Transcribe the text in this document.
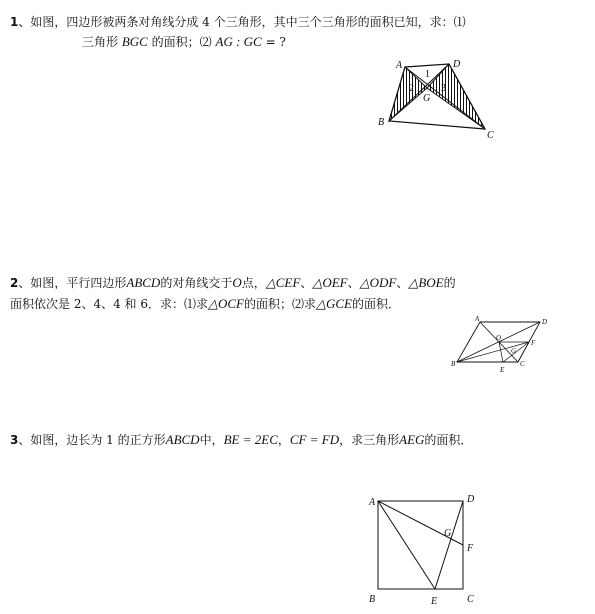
1、如图，四边形被两条对角线分成 4 个三角形，其中三个三角形的面积已知，求：⑴
三角形 BGC 的面积；⑵ AG : GC = ?
A	D
B
C
G
1
2	3
2、如图，平行四边形ABCD的对角线交于O点，△CEF、△OEF、△ODF、△BOE的
面积依次是 2、4、4 和 6．求：⑴求△OCF的面积；⑵求△GCE的面积．
A	D
B	C
O
G
F
E
3、如图，边长为 1 的正方形ABCD中，BE = 2EC，CF = FD，求三角形AEG的面积．
A	D
B	C
E
F
G
